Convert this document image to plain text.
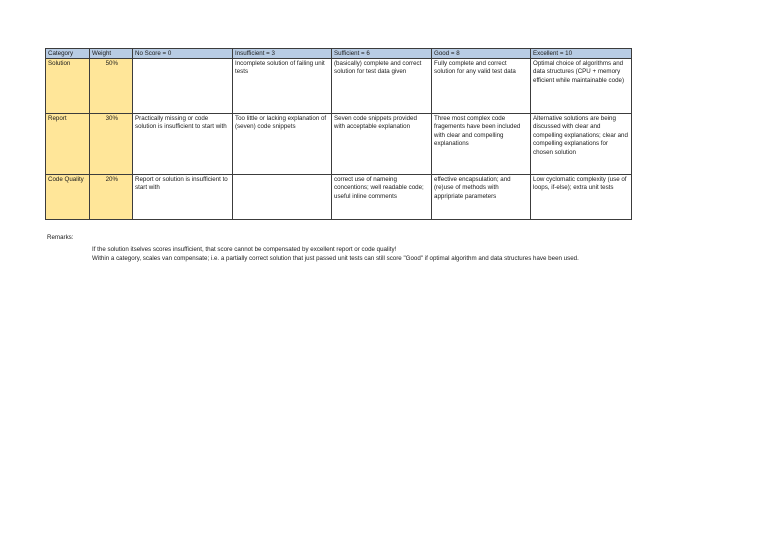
Category	Weight	No Score = 0	Insufficient = 3	Sufficient = 6	Good = 8	Excellent = 10
Solution	50%		Incomplete solution of failing unit tests	(basically) complete and correct solution for test data given	Fully complete and correct solution for any valid test data	Optimal choice of algorithms and data structures (CPU + memory efficient while maintainable code)
Report	30%	Practically missing or code solution is insufficient to start with	Too little or lacking explanation of (seven) code snippets	Seven code snippets provided with acceptable explanation	Three most complex code fragements have been included with clear and compelling explanations	Alternative solutions are being discussed with clear and compelling explanations; clear and compelling explanations for chosen solution
Code Quality	20%	Report or solution is insufficient to start with		correct use of nameing concentions; well readable code; useful inline comments	effective encapsulation; and (re)use of methods with appripriate parameters	Low cyclomatic complexity (use of loops, if-else); extra unit tests
Remarks:
If the solution itselves scores insufficient, that score cannot be compensated by excellent report or code quality!
Within a category, scales van compensate; i.e. a partially correct solution that just passed unit tests can still score "Good" if optimal algorithm and data structures have been used.
